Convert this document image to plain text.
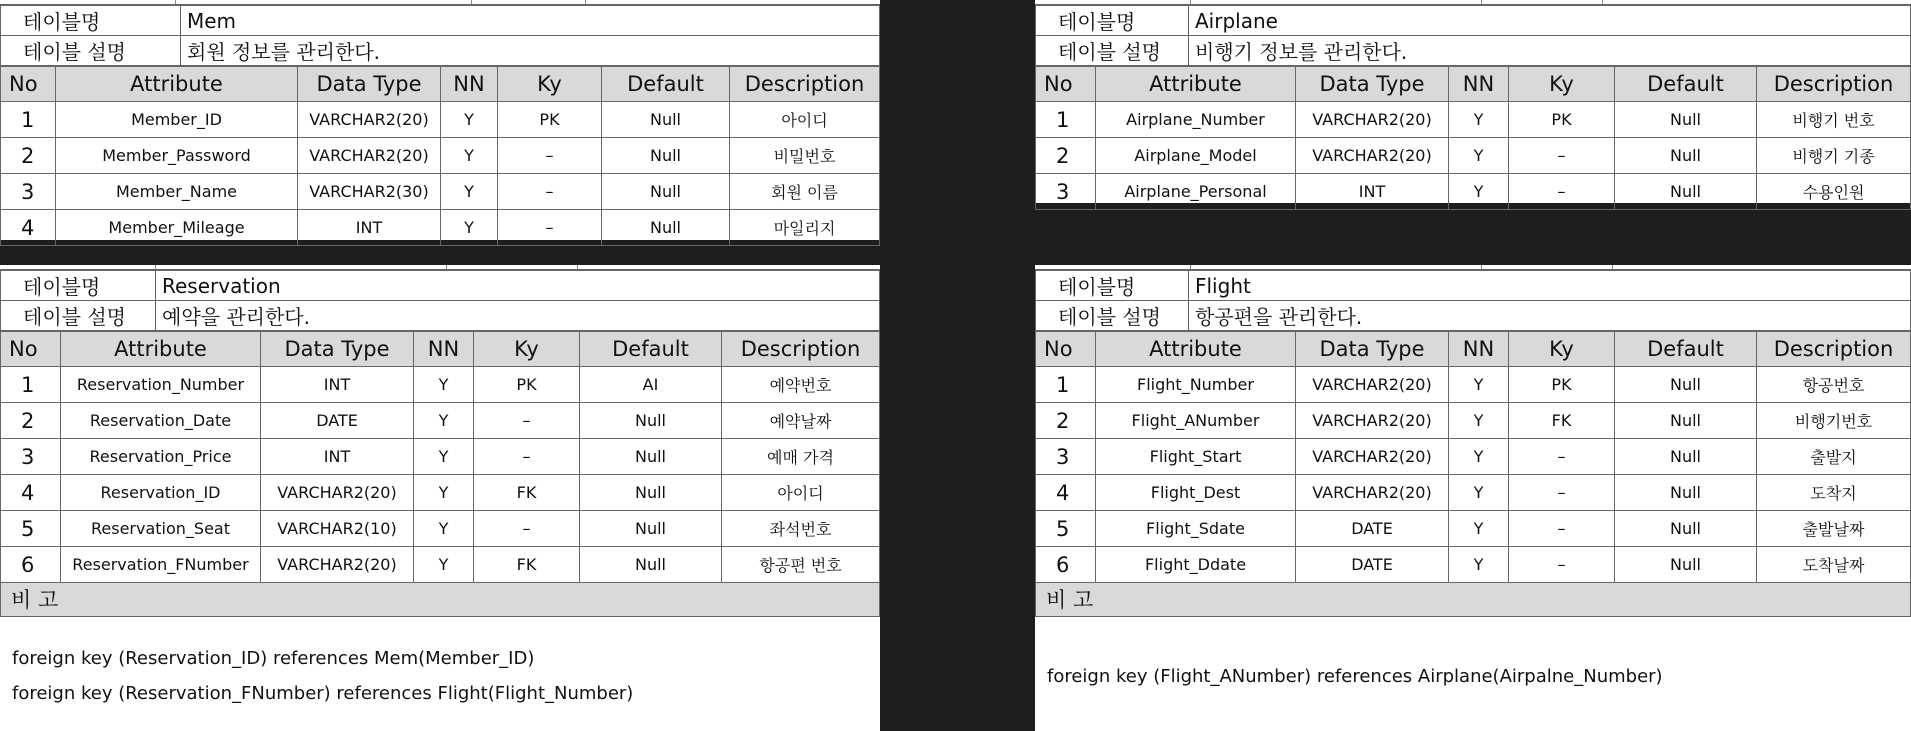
테이블명	Mem
테이블 설명	회원 정보를 관리한다.
No	Attribute	Data Type	NN	Ky	Default	Description
1	Member_ID	VARCHAR2(20)	Y	PK	Null	아이디
2	Member_Password	VARCHAR2(20)	Y	–	Null	비밀번호
3	Member_Name	VARCHAR2(30)	Y	–	Null	회원 이름
4	Member_Mileage	INT	Y	–	Null	마일리지
테이블명	Airplane
테이블 설명	비행기 정보를 관리한다.
No	Attribute	Data Type	NN	Ky	Default	Description
1	Airplane_Number	VARCHAR2(20)	Y	PK	Null	비행기 번호
2	Airplane_Model	VARCHAR2(20)	Y	–	Null	비행기 기종
3	Airplane_Personal	INT	Y	–	Null	수용인원
테이블명	Reservation
테이블 설명	예약을 관리한다.
No	Attribute	Data Type	NN	Ky	Default	Description
1	Reservation_Number	INT	Y	PK	AI	예약번호
2	Reservation_Date	DATE	Y	–	Null	예약날짜
3	Reservation_Price	INT	Y	–	Null	예매 가격
4	Reservation_ID	VARCHAR2(20)	Y	FK	Null	아이디
5	Reservation_Seat	VARCHAR2(10)	Y	–	Null	좌석번호
6	Reservation_FNumber	VARCHAR2(20)	Y	FK	Null	항공편 번호
비 고
foreign key (Reservation_ID) references Mem(Member_ID)
foreign key (Reservation_FNumber) references Flight(Flight_Number)
테이블명	Flight
테이블 설명	항공편을 관리한다.
No	Attribute	Data Type	NN	Ky	Default	Description
1	Flight_Number	VARCHAR2(20)	Y	PK	Null	항공번호
2	Flight_ANumber	VARCHAR2(20)	Y	FK	Null	비행기번호
3	Flight_Start	VARCHAR2(20)	Y	–	Null	출발지
4	Flight_Dest	VARCHAR2(20)	Y	–	Null	도착지
5	Flight_Sdate	DATE	Y	–	Null	출발날짜
6	Flight_Ddate	DATE	Y	–	Null	도착날짜
비 고
foreign key (Flight_ANumber) references Airplane(Airpalne_Number)
